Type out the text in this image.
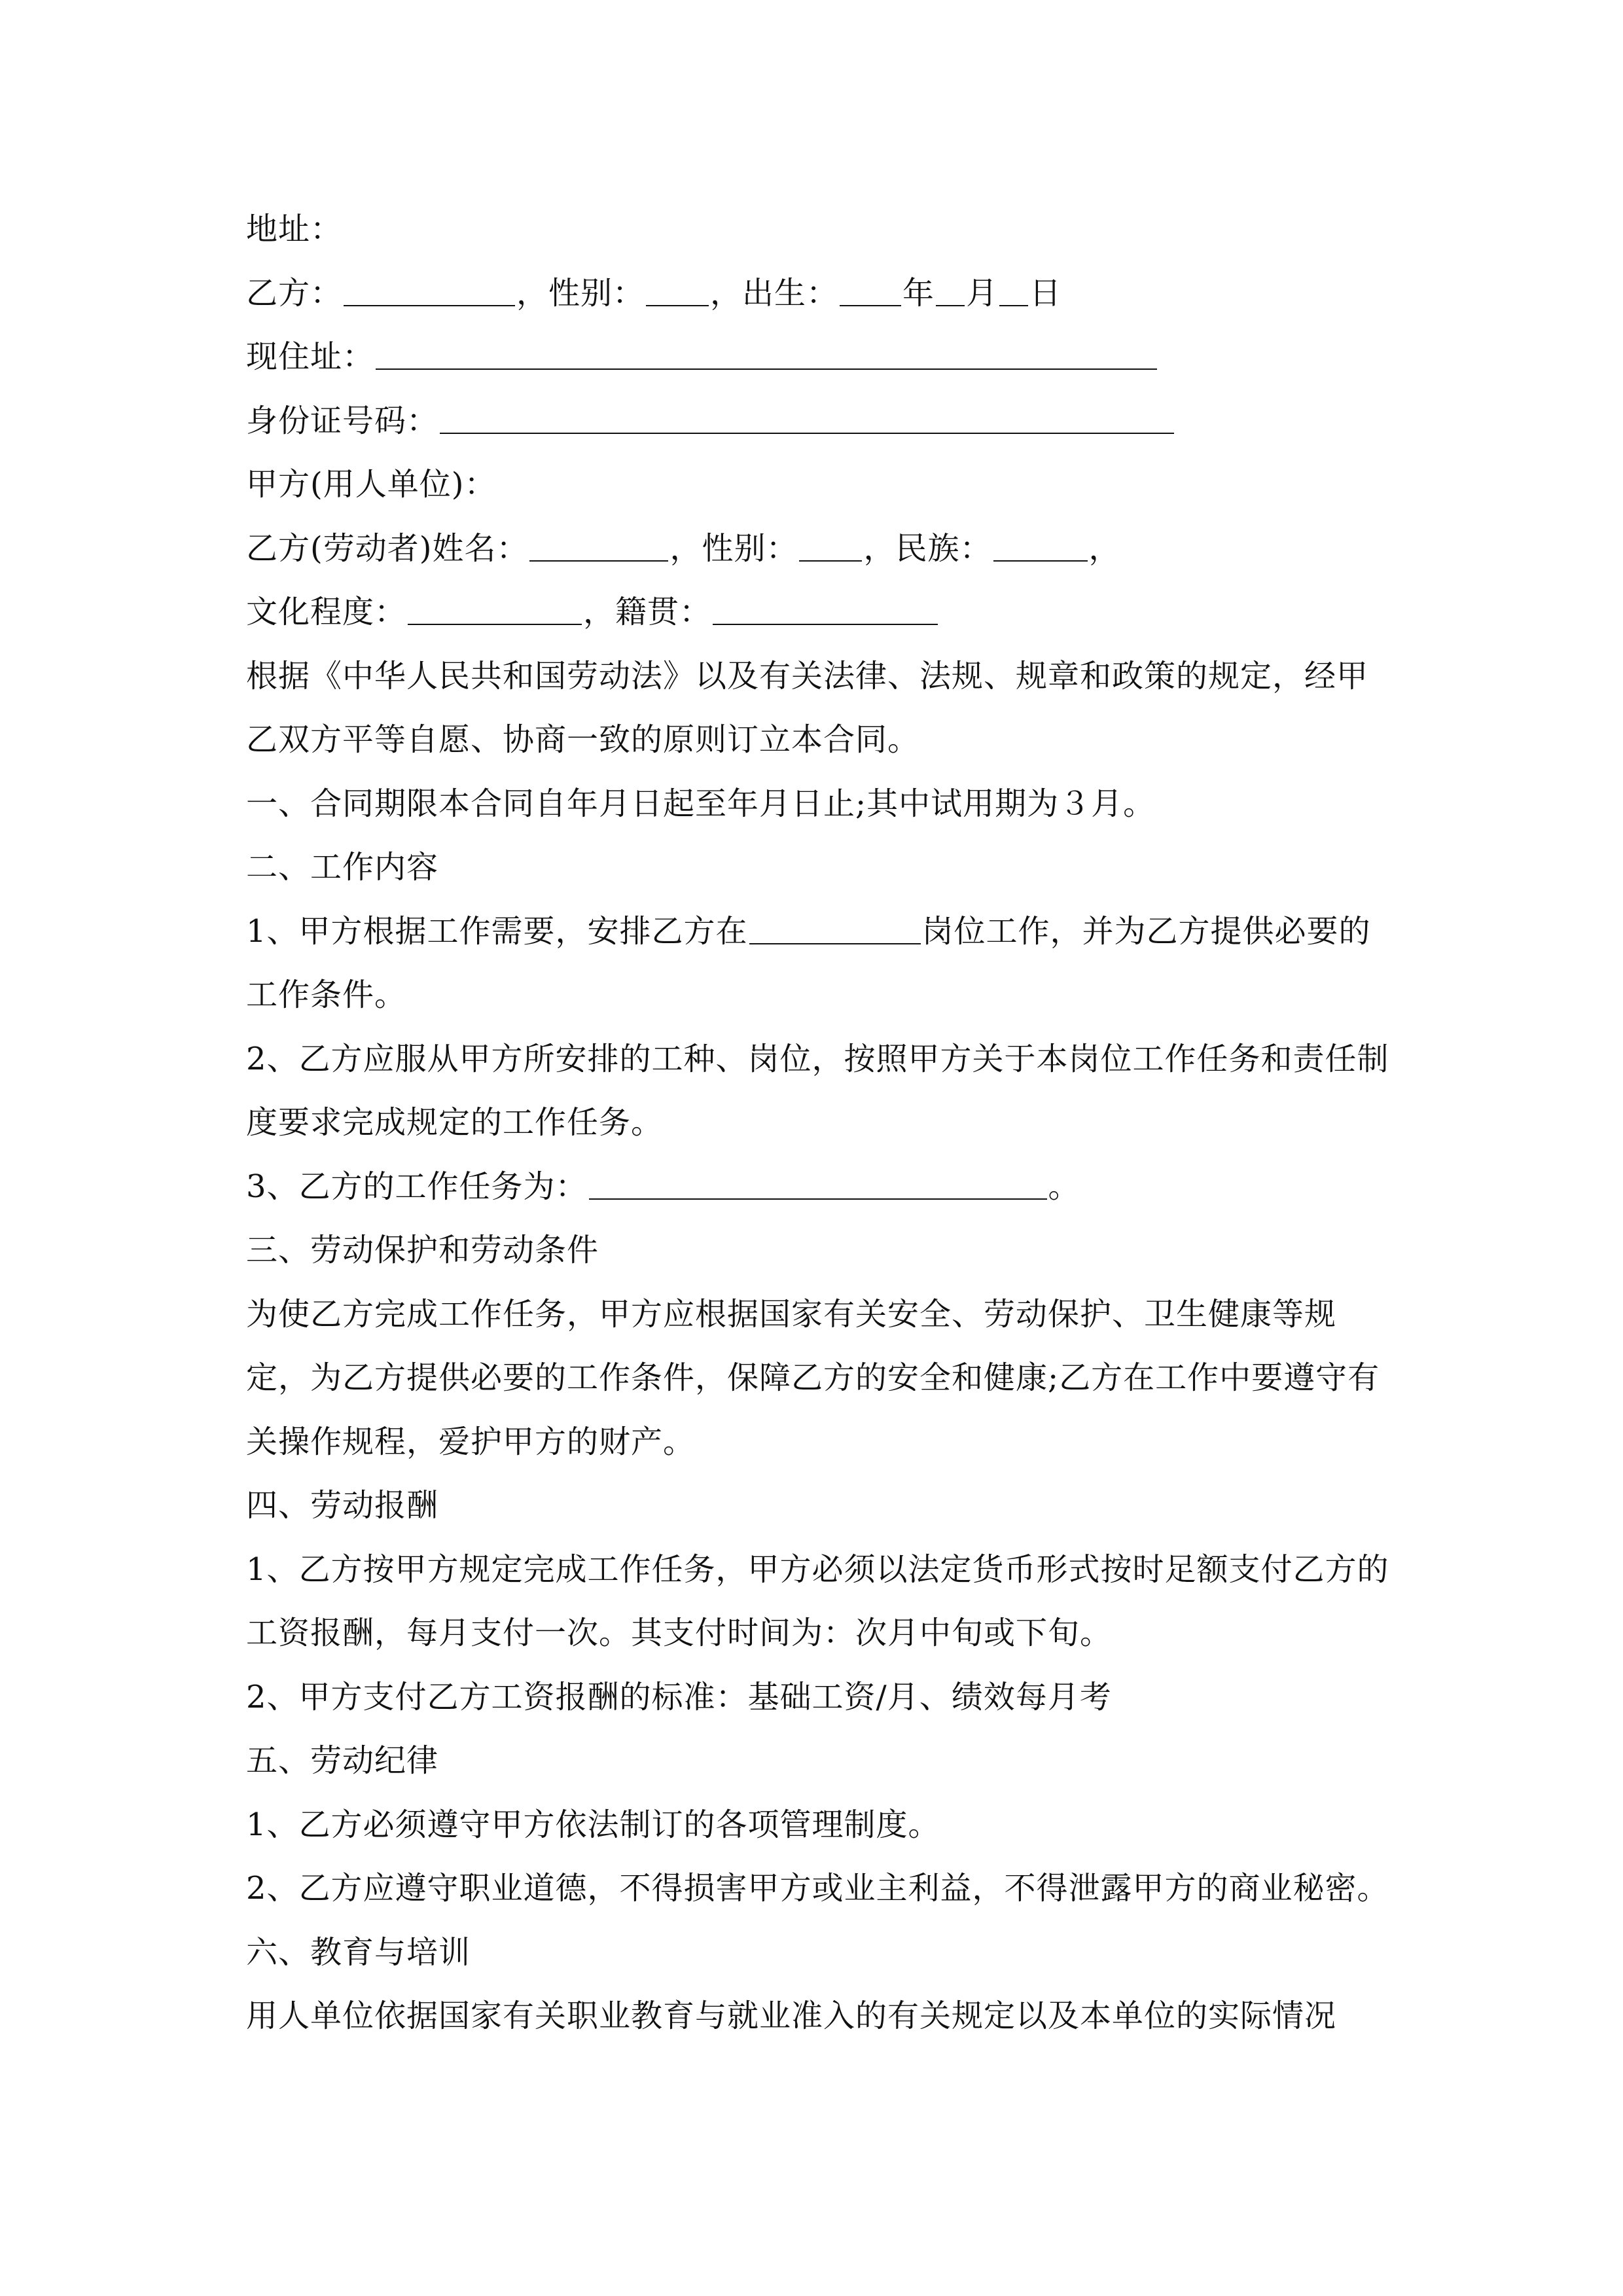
地址：
乙方：	，性别： ，出生： 年 月 日
现住址：
身份证号码：
甲方(用人单位)：
乙方(劳动者)姓名：	，性别： ，民族：	，
文化程度：	，籍贯：
根据《中华人民共和国劳动法》以及有关法律、法规、规章和政策的规定，经甲乙双方平等自愿、协商一致的原则订立本合同。
一、合同期限本合同自年月日起至年月日止;其中试用期为３月。
二、工作内容
1、甲方根据工作需要，安排乙方在	岗位工作，并为乙方提供必要的工作条件。
2、乙方应服从甲方所安排的工种、岗位，按照甲方关于本岗位工作任务和责任制度要求完成规定的工作任务。
3、乙方的工作任务为：	。
三、劳动保护和劳动条件
为使乙方完成工作任务，甲方应根据国家有关安全、劳动保护、卫生健康等规定，为乙方提供必要的工作条件，保障乙方的安全和健康;乙方在工作中要遵守有关操作规程，爱护甲方的财产。
四、劳动报酬
1、乙方按甲方规定完成工作任务，甲方必须以法定货币形式按时足额支付乙方的工资报酬，每月支付一次。其支付时间为：次月中旬或下旬。
2、甲方支付乙方工资报酬的标准：基础工资/月、绩效每月考
五、劳动纪律
1、乙方必须遵守甲方依法制订的各项管理制度。
2、乙方应遵守职业道德，不得损害甲方或业主利益，不得泄露甲方的商业秘密。
六、教育与培训
用人单位依据国家有关职业教育与就业准入的有关规定以及本单位的实际情况
